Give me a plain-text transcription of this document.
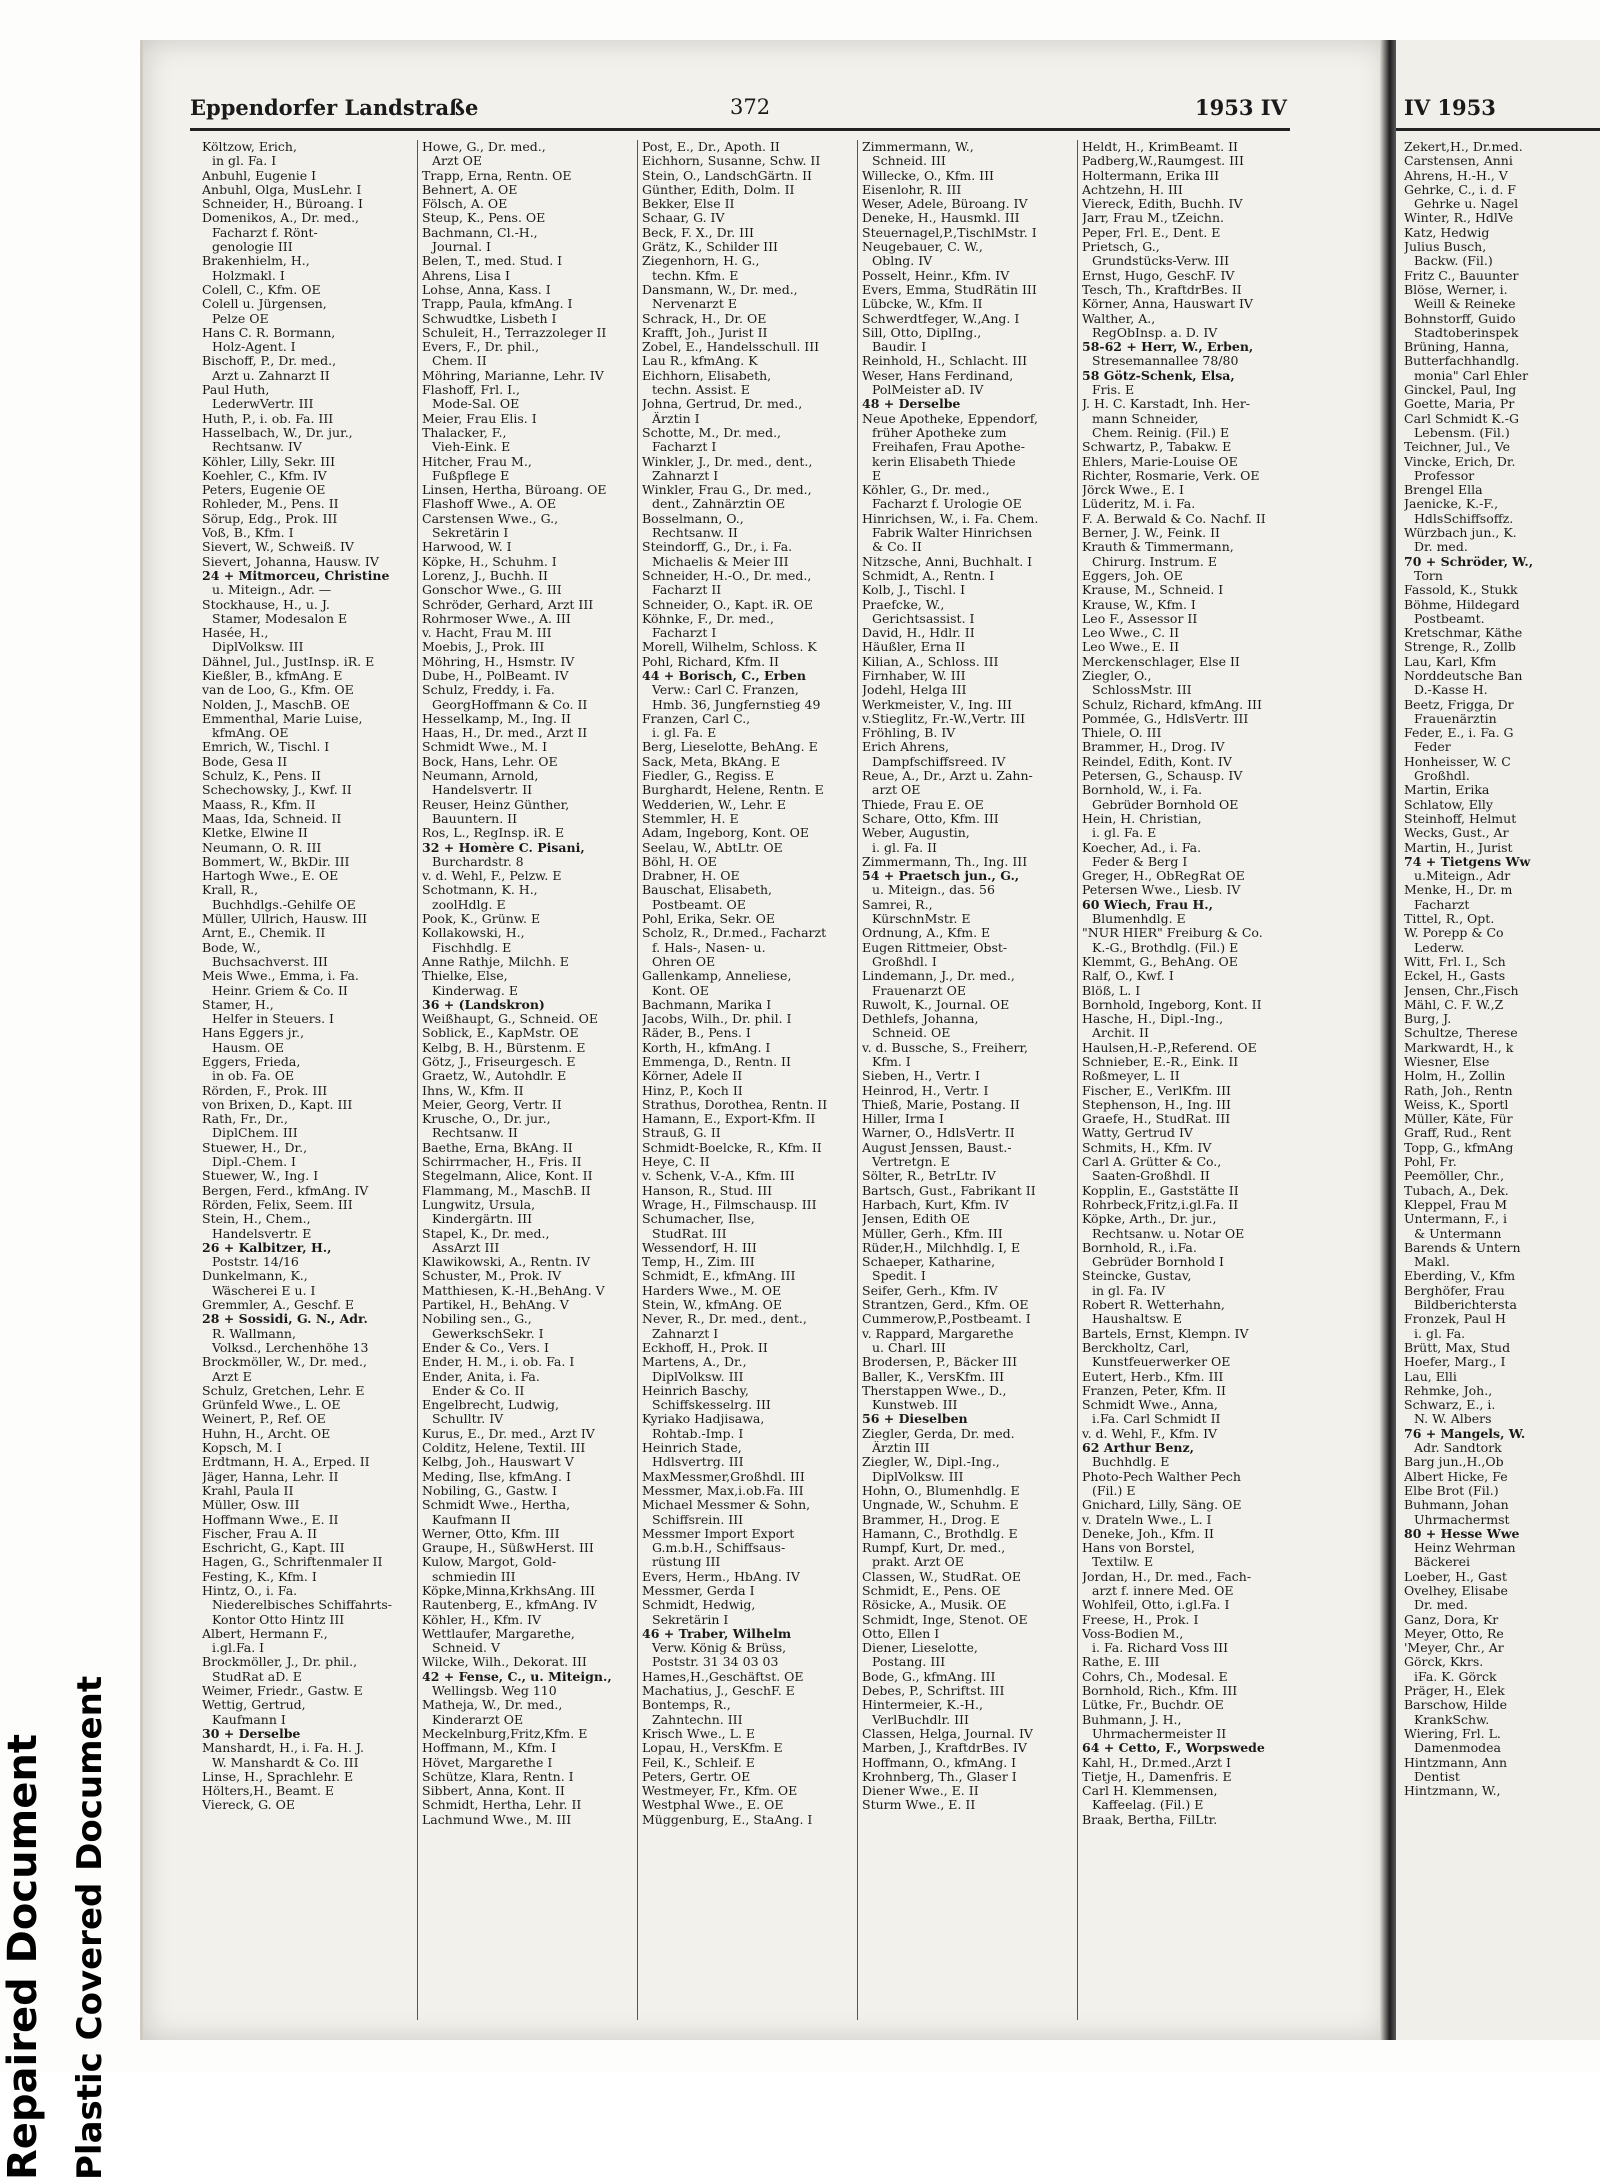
Repaired Document Plastic Covered Document
IV 1953
Zekert,H., Dr.med.
Carstensen, Anni
Ahrens, H.-H., V
Gehrke, C., i. d. F
Gehrke u. Nagel
Winter, R., HdlVe
Katz, Hedwig
Julius Busch,
Backw. (Fil.)
Fritz C., Bauunter
Blöse, Werner, i.
Weill & Reineke
Bohnstorff, Guido
Stadtoberinspek
Brüning, Hanna,
Butterfachhandlg.
monia" Carl Ehler
Ginckel, Paul, Ing
Goette, Maria, Pr
Carl Schmidt K.-G
Lebensm. (Fil.)
Teichner, Jul., Ve
Vincke, Erich, Dr.
Professor
Brengel Ella
Jaenicke, K.-F.,
HdlsSchiffsoffz.
Würzbach jun., K.
Dr. med.
70 + Schröder, W.,
Torn
Fassold, K., Stukk
Böhme, Hildegard
Postbeamt.
Kretschmar, Käthe
Strenge, R., Zollb
Lau, Karl, Kfm
Norddeutsche Ban
D.-Kasse H.
Beetz, Frigga, Dr
Frauenärztin
Feder, E., i. Fa. G
Feder
Honheisser, W. C
Großhdl.
Martin, Erika
Schlatow, Elly
Steinhoff, Helmut
Wecks, Gust., Ar
Martin, H., Jurist
74 + Tietgens Ww
u.Miteign., Adr
Menke, H., Dr. m
Facharzt
Tittel, R., Opt.
W. Porepp & Co
Lederw.
Witt, Frl. I., Sch
Eckel, H., Gasts
Jensen, Chr.,Fisch
Mähl, C. F. W.,Z
Burg, J.
Schultze, Therese
Markwardt, H., k
Wiesner, Else
Holm, H., Zollin
Rath, Joh., Rentn
Weiss, K., Sportl
Müller, Käte, Für
Graff, Rud., Rent
Topp, G., kfmAng
Pohl, Fr.
Peemöller, Chr.,
Tubach, A., Dek.
Kleppel, Frau M
Untermann, F., i
& Untermann
Barends & Untern
Makl.
Eberding, V., Kfm
Berghöfer, Frau
Bildberichtersta
Fronzek, Paul H
i. gl. Fa.
Brütt, Max, Stud
Hoefer, Marg., I
Lau, Elli
Rehmke, Joh.,
Schwarz, E., i.
N. W. Albers
76 + Mangels, W.
Adr. Sandtork
Barg jun.,H.,Ob
Albert Hicke, Fe
Elbe Brot (Fil.)
Buhmann, Johan
Uhrmachermst
80 + Hesse Wwe
Heinz Wehrman
Bäckerei
Loeber, H., Gast
Ovelhey, Elisabe
Dr. med.
Ganz, Dora, Kr
Meyer, Otto, Re
'Meyer, Chr., Ar
Görck, Kkrs.
iFa. K. Görck
Präger, H., Elek
Barschow, Hilde
KrankSchw.
Wiering, Frl. L.
Damenmodea
Hintzmann, Ann
Dentist
Hintzmann, W.,
Eppendorfer Landstraße	372	1953 IV
Költzow, Erich,
in gl. Fa. I
Anbuhl, Eugenie I
Anbuhl, Olga, MusLehr. I
Schneider, H., Büroang. I
Domenikos, A., Dr. med.,
Facharzt f. Rönt-
genologie III
Brakenhielm, H.,
Holzmakl. I
Colell, C., Kfm. OE
Colell u. Jürgensen,
Pelze OE
Hans C. R. Bormann,
Holz-Agent. I
Bischoff, P., Dr. med.,
Arzt u. Zahnarzt II
Paul Huth,
LederwVertr. III
Huth, P., i. ob. Fa. III
Hasselbach, W., Dr. jur.,
Rechtsanw. IV
Köhler, Lilly, Sekr. III
Koehler, C., Kfm. IV
Peters, Eugenie OE
Rohleder, M., Pens. II
Sörup, Edg., Prok. III
Voß, B., Kfm. I
Sievert, W., Schweiß. IV
Sievert, Johanna, Hausw. IV
24 + Mitmorceu, Christine
u. Miteign., Adr. —
Stockhause, H., u. J.
Stamer, Modesalon E
Hasée, H.,
DiplVolksw. III
Dähnel, Jul., JustInsp. iR. E
Kießler, B., kfmAng. E
van de Loo, G., Kfm. OE
Nolden, J., MaschB. OE
Emmenthal, Marie Luise,
kfmAng. OE
Emrich, W., Tischl. I
Bode, Gesa II
Schulz, K., Pens. II
Schechowsky, J., Kwf. II
Maass, R., Kfm. II
Maas, Ida, Schneid. II
Kletke, Elwine II
Neumann, O. R. III
Bommert, W., BkDir. III
Hartogh Wwe., E. OE
Krall, R.,
Buchhdlgs.-Gehilfe OE
Müller, Ullrich, Hausw. III
Arnt, E., Chemik. II
Bode, W.,
Buchsachverst. III
Meis Wwe., Emma, i. Fa.
Heinr. Griem & Co. II
Stamer, H.,
Helfer in Steuers. I
Hans Eggers jr.,
Hausm. OE
Eggers, Frieda,
in ob. Fa. OE
Rörden, F., Prok. III
von Brixen, D., Kapt. III
Rath, Fr., Dr.,
DiplChem. III
Stuewer, H., Dr.,
Dipl.-Chem. I
Stuewer, W., Ing. I
Bergen, Ferd., kfmAng. IV
Rörden, Felix, Seem. III
Stein, H., Chem.,
Handelsvertr. E
26 + Kalbitzer, H.,
Poststr. 14/16
Dunkelmann, K.,
Wäscherei E u. I
Gremmler, A., Geschf. E
28 + Sossidi, G. N., Adr.
R. Wallmann,
Volksd., Lerchenhöhe 13
Brockmöller, W., Dr. med.,
Arzt E
Schulz, Gretchen, Lehr. E
Grünfeld Wwe., L. OE
Weinert, P., Ref. OE
Huhn, H., Archt. OE
Kopsch, M. I
Erdtmann, H. A., Erped. II
Jäger, Hanna, Lehr. II
Krahl, Paula II
Müller, Osw. III
Hoffmann Wwe., E. II
Fischer, Frau A. II
Eschricht, G., Kapt. III
Hagen, G., Schriftenmaler II
Festing, K., Kfm. I
Hintz, O., i. Fa.
Niederelbisches Schiffahrts-
Kontor Otto Hintz III
Albert, Hermann F.,
i.gl.Fa. I
Brockmöller, J., Dr. phil.,
StudRat aD. E
Weimer, Friedr., Gastw. E
Wettig, Gertrud,
Kaufmann I
30 + Derselbe
Manshardt, H., i. Fa. H. J.
W. Manshardt & Co. III
Linse, H., Sprachlehr. E
Hölters,H., Beamt. E
Viereck, G. OE
Howe, G., Dr. med.,
Arzt OE
Trapp, Erna, Rentn. OE
Behnert, A. OE
Fölsch, A. OE
Steup, K., Pens. OE
Bachmann, Cl.-H.,
Journal. I
Belen, T., med. Stud. I
Ahrens, Lisa I
Lohse, Anna, Kass. I
Trapp, Paula, kfmAng. I
Schwudtke, Lisbeth I
Schuleit, H., Terrazzoleger II
Evers, F., Dr. phil.,
Chem. II
Möhring, Marianne, Lehr. IV
Flashoff, Frl. I.,
Mode-Sal. OE
Meier, Frau Elis. I
Thalacker, F.,
Vieh-Eink. E
Hitcher, Frau M.,
Fußpflege E
Linsen, Hertha, Büroang. OE
Flashoff Wwe., A. OE
Carstensen Wwe., G.,
Sekretärin I
Harwood, W. I
Köpke, H., Schuhm. I
Lorenz, J., Buchh. II
Gonschor Wwe., G. III
Schröder, Gerhard, Arzt III
Rohrmoser Wwe., A. III
v. Hacht, Frau M. III
Moebis, J., Prok. III
Möhring, H., Hsmstr. IV
Dube, H., PolBeamt. IV
Schulz, Freddy, i. Fa.
GeorgHoffmann & Co. II
Hesselkamp, M., Ing. II
Haas, H., Dr. med., Arzt II
Schmidt Wwe., M. I
Bock, Hans, Lehr. OE
Neumann, Arnold,
Handelsvertr. II
Reuser, Heinz Günther,
Bauuntern. II
Ros, L., RegInsp. iR. E
32 + Homère C. Pisani,
Burchardstr. 8
v. d. Wehl, F., Pelzw. E
Schotmann, K. H.,
zoolHdlg. E
Pook, K., Grünw. E
Kollakowski, H.,
Fischhdlg. E
Anne Rathje, Milchh. E
Thielke, Else,
Kinderwag. E
36 + (Landskron)
Weißhaupt, G., Schneid. OE
Soblick, E., KapMstr. OE
Kelbg, B. H., Bürstenm. E
Götz, J., Friseurgesch. E
Graetz, W., Autohdlr. E
Ihns, W., Kfm. II
Meier, Georg, Vertr. II
Krusche, O., Dr. jur.,
Rechtsanw. II
Baethe, Erna, BkAng. II
Schirrmacher, H., Fris. II
Stegelmann, Alice, Kont. II
Flammang, M., MaschB. II
Lungwitz, Ursula,
Kindergärtn. III
Stapel, K., Dr. med.,
AssArzt III
Klawikowski, A., Rentn. IV
Schuster, M., Prok. IV
Matthiesen, K.-H.,BehAng. V
Partikel, H., BehAng. V
Nobiling sen., G.,
GewerkschSekr. I
Ender & Co., Vers. I
Ender, H. M., i. ob. Fa. I
Ender, Anita, i. Fa.
Ender & Co. II
Engelbrecht, Ludwig,
Schulltr. IV
Kurus, E., Dr. med., Arzt IV
Colditz, Helene, Textil. III
Kelbg, Joh., Hauswart V
Meding, Ilse, kfmAng. I
Nobiling, G., Gastw. I
Schmidt Wwe., Hertha,
Kaufmann II
Werner, Otto, Kfm. III
Graupe, H., SüßwHerst. III
Kulow, Margot, Gold-
schmiedin III
Köpke,Minna,KrkhsAng. III
Rautenberg, E., kfmAng. IV
Köhler, H., Kfm. IV
Wettlaufer, Margarethe,
Schneid. V
Wilcke, Wilh., Dekorat. III
42 + Fense, C., u. Miteign.,
Wellingsb. Weg 110
Matheja, W., Dr. med.,
Kinderarzt OE
Meckelnburg,Fritz,Kfm. E
Hoffmann, M., Kfm. I
Hövet, Margarethe I
Schütze, Klara, Rentn. I
Sibbert, Anna, Kont. II
Schmidt, Hertha, Lehr. II
Lachmund Wwe., M. III
Post, E., Dr., Apoth. II
Eichhorn, Susanne, Schw. II
Stein, O., LandschGärtn. II
Günther, Edith, Dolm. II
Bekker, Else II
Schaar, G. IV
Beck, F. X., Dr. III
Grätz, K., Schilder III
Ziegenhorn, H. G.,
techn. Kfm. E
Dansmann, W., Dr. med.,
Nervenarzt E
Schrack, H., Dr. OE
Krafft, Joh., Jurist II
Zobel, E., Handelsschull. III
Lau R., kfmAng. K
Eichhorn, Elisabeth,
techn. Assist. E
Johna, Gertrud, Dr. med.,
Ärztin I
Schotte, M., Dr. med.,
Facharzt I
Winkler, J., Dr. med., dent.,
Zahnarzt I
Winkler, Frau G., Dr. med.,
dent., Zahnärztin OE
Bosselmann, O.,
Rechtsanw. II
Steindorff, G., Dr., i. Fa.
Michaelis & Meier III
Schneider, H.-O., Dr. med.,
Facharzt II
Schneider, O., Kapt. iR. OE
Köhnke, F., Dr. med.,
Facharzt I
Morell, Wilhelm, Schloss. K
Pohl, Richard, Kfm. II
44 + Borisch, C., Erben
Verw.: Carl C. Franzen,
Hmb. 36, Jungfernstieg 49
Franzen, Carl C.,
i. gl. Fa. E
Berg, Lieselotte, BehAng. E
Sack, Meta, BkAng. E
Fiedler, G., Regiss. E
Burghardt, Helene, Rentn. E
Wedderien, W., Lehr. E
Stemmler, H. E
Adam, Ingeborg, Kont. OE
Seelau, W., AbtLtr. OE
Böhl, H. OE
Drabner, H. OE
Bauschat, Elisabeth,
Postbeamt. OE
Pohl, Erika, Sekr. OE
Scholz, R., Dr.med., Facharzt
f. Hals-, Nasen- u.
Ohren OE
Gallenkamp, Anneliese,
Kont. OE
Bachmann, Marika I
Jacobs, Wilh., Dr. phil. I
Räder, B., Pens. I
Korth, H., kfmAng. I
Emmenga, D., Rentn. II
Körner, Adele II
Hinz, P., Koch II
Strathus, Dorothea, Rentn. II
Hamann, E., Export-Kfm. II
Strauß, G. II
Schmidt-Boelcke, R., Kfm. II
Heye, C. II
v. Schenk, V.-A., Kfm. III
Hanson, R., Stud. III
Wrage, H., Filmschausp. III
Schumacher, Ilse,
StudRat. III
Wessendorf, H. III
Temp, H., Zim. III
Schmidt, E., kfmAng. III
Harders Wwe., M. OE
Stein, W., kfmAng. OE
Never, R., Dr. med., dent.,
Zahnarzt I
Eckhoff, H., Prok. II
Martens, A., Dr.,
DiplVolksw. III
Heinrich Baschy,
Schiffskesselrg. III
Kyriako Hadjisawa,
Rohtab.-Imp. I
Heinrich Stade,
Hdlsvertrg. III
MaxMessmer,Großhdl. III
Messmer, Max,i.ob.Fa. III
Michael Messmer & Sohn,
Schiffsrein. III
Messmer Import Export
G.m.b.H., Schiffsaus-
rüstung III
Evers, Herm., HbAng. IV
Messmer, Gerda I
Schmidt, Hedwig,
Sekretärin I
46 + Traber, Wilhelm
Verw. König & Brüss,
Poststr. 31 34 03 03
Hames,H.,Geschäftst. OE
Machatius, J., GeschF. E
Bontemps, R.,
Zahntechn. III
Krisch Wwe., L. E
Lopau, H., VersKfm. E
Feil, K., Schleif. E
Peters, Gertr. OE
Westmeyer, Fr., Kfm. OE
Westphal Wwe., E. OE
Müggenburg, E., StaAng. I
Zimmermann, W.,
Schneid. III
Willecke, O., Kfm. III
Eisenlohr, R. III
Weser, Adele, Büroang. IV
Deneke, H., Hausmkl. III
Steuernagel,P.,TischlMstr. I
Neugebauer, C. W.,
Oblng. IV
Posselt, Heinr., Kfm. IV
Evers, Emma, StudRätin III
Lübcke, W., Kfm. II
Schwerdtfeger, W.,Ang. I
Sill, Otto, DiplIng.,
Baudir. I
Reinhold, H., Schlacht. III
Weser, Hans Ferdinand,
PolMeister aD. IV
48 + Derselbe
Neue Apotheke, Eppendorf,
früher Apotheke zum
Freihafen, Frau Apothe-
kerin Elisabeth Thiede
E
Köhler, G., Dr. med.,
Facharzt f. Urologie OE
Hinrichsen, W., i. Fa. Chem.
Fabrik Walter Hinrichsen
& Co. II
Nitzsche, Anni, Buchhalt. I
Schmidt, A., Rentn. I
Kolb, J., Tischl. I
Praefcke, W.,
Gerichtsassist. I
David, H., Hdlr. II
Häußler, Erna II
Kilian, A., Schloss. III
Firnhaber, W. III
Jodehl, Helga III
Werkmeister, V., Ing. III
v.Stieglitz, Fr.-W.,Vertr. III
Fröhling, B. IV
Erich Ahrens,
Dampfschiffsreed. IV
Reue, A., Dr., Arzt u. Zahn-
arzt OE
Thiede, Frau E. OE
Schare, Otto, Kfm. III
Weber, Augustin,
i. gl. Fa. II
Zimmermann, Th., Ing. III
54 + Praetsch jun., G.,
u. Miteign., das. 56
Samrei, R.,
KürschnMstr. E
Ordnung, A., Kfm. E
Eugen Rittmeier, Obst-
Großhdl. I
Lindemann, J., Dr. med.,
Frauenarzt OE
Ruwolt, K., Journal. OE
Dethlefs, Johanna,
Schneid. OE
v. d. Bussche, S., Freiherr,
Kfm. I
Sieben, H., Vertr. I
Heinrod, H., Vertr. I
Thieß, Marie, Postang. II
Hiller, Irma I
Warner, O., HdlsVertr. II
August Jenssen, Baust.-
Vertretgn. E
Sölter, R., BetrLtr. IV
Bartsch, Gust., Fabrikant II
Harbach, Kurt, Kfm. IV
Jensen, Edith OE
Müller, Gerh., Kfm. III
Rüder,H., Milchhdlg. I, E
Schaeper, Katharine,
Spedit. I
Seifer, Gerh., Kfm. IV
Strantzen, Gerd., Kfm. OE
Cummerow,P.,Postbeamt. I
v. Rappard, Margarethe
u. Charl. III
Brodersen, P., Bäcker III
Baller, K., VersKfm. III
Therstappen Wwe., D.,
Kunstweb. III
56 + Dieselben
Ziegler, Gerda, Dr. med.
Ärztin III
Ziegler, W., Dipl.-Ing.,
DiplVolksw. III
Hohn, O., Blumenhdlg. E
Ungnade, W., Schuhm. E
Brammer, H., Drog. E
Hamann, C., Brothdlg. E
Rumpf, Kurt, Dr. med.,
prakt. Arzt OE
Classen, W., StudRat. OE
Schmidt, E., Pens. OE
Rösicke, A., Musik. OE
Schmidt, Inge, Stenot. OE
Otto, Ellen I
Diener, Lieselotte,
Postang. III
Bode, G., kfmAng. III
Debes, P., Schriftst. III
Hintermeier, K.-H.,
VerlBuchdlr. III
Classen, Helga, Journal. IV
Marben, J., KraftdrBes. IV
Hoffmann, O., kfmAng. I
Krohnberg, Th., Glaser I
Diener Wwe., E. II
Sturm Wwe., E. II
Heldt, H., KrimBeamt. II
Padberg,W.,Raumgest. III
Holtermann, Erika III
Achtzehn, H. III
Viereck, Edith, Buchh. IV
Jarr, Frau M., tZeichn.
Peper, Frl. E., Dent. E
Prietsch, G.,
Grundstücks-Verw. III
Ernst, Hugo, GeschF. IV
Tesch, Th., KraftdrBes. II
Körner, Anna, Hauswart IV
Walther, A.,
RegObInsp. a. D. IV
58-62 + Herr, W., Erben,
Stresemannallee 78/80
58 Götz-Schenk, Elsa,
Fris. E
J. H. C. Karstadt, Inh. Her-
mann Schneider,
Chem. Reinig. (Fil.) E
Schwartz, P., Tabakw. E
Ehlers, Marie-Louise OE
Richter, Rosmarie, Verk. OE
Jörck Wwe., E. I
Lüderitz, M. i. Fa.
F. A. Berwald & Co. Nachf. II
Berner, J. W., Feink. II
Krauth & Timmermann,
Chirurg. Instrum. E
Eggers, Joh. OE
Krause, M., Schneid. I
Krause, W., Kfm. I
Leo F., Assessor II
Leo Wwe., C. II
Leo Wwe., E. II
Merckenschlager, Else II
Ziegler, O.,
SchlossMstr. III
Schulz, Richard, kfmAng. III
Pommée, G., HdlsVertr. III
Thiele, O. III
Brammer, H., Drog. IV
Reindel, Edith, Kont. IV
Petersen, G., Schausp. IV
Bornhold, W., i. Fa.
Gebrüder Bornhold OE
Hein, H. Christian,
i. gl. Fa. E
Koecher, Ad., i. Fa.
Feder & Berg I
Greger, H., ObRegRat OE
Petersen Wwe., Liesb. IV
60 Wiech, Frau H.,
Blumenhdlg. E
"NUR HIER" Freiburg & Co.
K.-G., Brothdlg. (Fil.) E
Klemmt, G., BehAng. OE
Ralf, O., Kwf. I
Blöß, L. I
Bornhold, Ingeborg, Kont. II
Hasche, H., Dipl.-Ing.,
Archit. II
Haulsen,H.-P.,Referend. OE
Schnieber, E.-R., Eink. II
Roßmeyer, L. II
Fischer, E., VerlKfm. III
Stephenson, H., Ing. III
Graefe, H., StudRat. III
Watty, Gertrud IV
Schmits, H., Kfm. IV
Carl A. Grütter & Co.,
Saaten-Großhdl. II
Kopplin, E., Gaststätte II
Rohrbeck,Fritz,i.gl.Fa. II
Köpke, Arth., Dr. jur.,
Rechtsanw. u. Notar OE
Bornhold, R., i.Fa.
Gebrüder Bornhold I
Steincke, Gustav,
in gl. Fa. IV
Robert R. Wetterhahn,
Haushaltsw. E
Bartels, Ernst, Klempn. IV
Berckholtz, Carl,
Kunstfeuerwerker OE
Eutert, Herb., Kfm. III
Franzen, Peter, Kfm. II
Schmidt Wwe., Anna,
i.Fa. Carl Schmidt II
v. d. Wehl, F., Kfm. IV
62 Arthur Benz,
Buchhdlg. E
Photo-Pech Walther Pech
(Fil.) E
Gnichard, Lilly, Säng. OE
v. Drateln Wwe., L. I
Deneke, Joh., Kfm. II
Hans von Borstel,
Textilw. E
Jordan, H., Dr. med., Fach-
arzt f. innere Med. OE
Wohlfeil, Otto, i.gl.Fa. I
Freese, H., Prok. I
Voss-Bodien M.,
i. Fa. Richard Voss III
Rathe, E. III
Cohrs, Ch., Modesal. E
Bornhold, Rich., Kfm. III
Lütke, Fr., Buchdr. OE
Buhmann, J. H.,
Uhrmachermeister II
64 + Cetto, F., Worpswede
Kahl, H., Dr.med.,Arzt I
Tietje, H., Damenfris. E
Carl H. Klemmensen,
Kaffeelag. (Fil.) E
Braak, Bertha, FilLtr.
